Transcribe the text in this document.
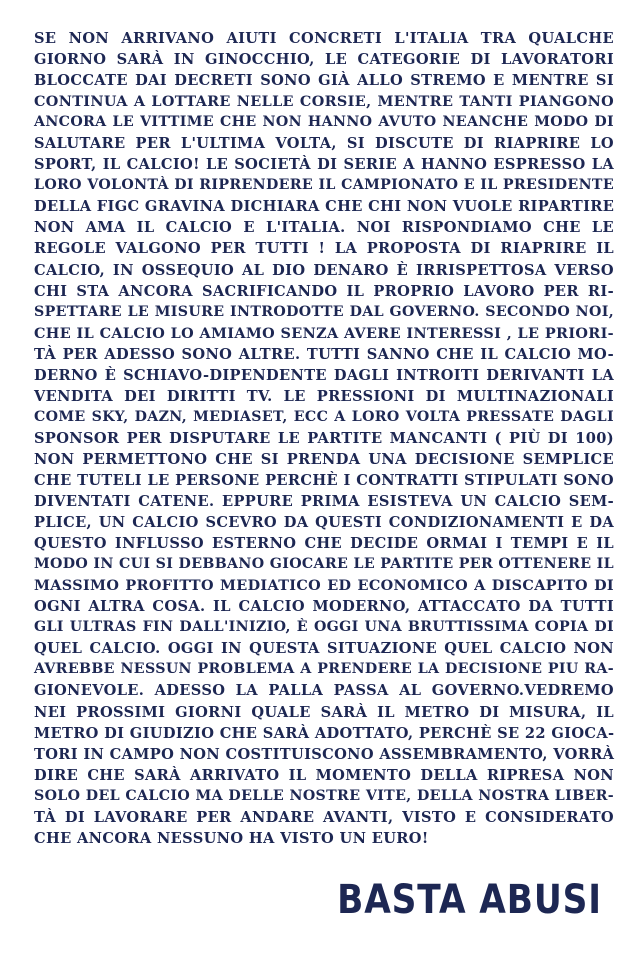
SE NON ARRIVANO AIUTI CONCRETI L'ITALIA TRA QUALCHE
GIORNO SARÀ IN GINOCCHIO, LE CATEGORIE DI LAVORATORI
BLOCCATE DAI DECRETI SONO GIÀ ALLO STREMO E MENTRE SI
CONTINUA A LOTTARE NELLE CORSIE, MENTRE TANTI PIANGONO
ANCORA LE VITTIME CHE NON HANNO AVUTO NEANCHE MODO DI
SALUTARE PER L'ULTIMA VOLTA, SI DISCUTE DI RIAPRIRE LO
SPORT, IL CALCIO! LE SOCIETÀ DI SERIE A HANNO ESPRESSO LA
LORO VOLONTÀ DI RIPRENDERE IL CAMPIONATO E IL PRESIDENTE
DELLA FIGC GRAVINA DICHIARA CHE CHI NON VUOLE RIPARTIRE
NON AMA IL CALCIO E L'ITALIA. NOI RISPONDIAMO CHE LE
REGOLE VALGONO PER TUTTI ! LA PROPOSTA DI RIAPRIRE IL
CALCIO, IN OSSEQUIO AL DIO DENARO È IRRISPETTOSA VERSO
CHI STA ANCORA SACRIFICANDO IL PROPRIO LAVORO PER RI-
SPETTARE LE MISURE INTRODOTTE DAL GOVERNO. SECONDO NOI,
CHE IL CALCIO LO AMIAMO SENZA AVERE INTERESSI , LE PRIORI-
TÀ PER ADESSO SONO ALTRE. TUTTI SANNO CHE IL CALCIO MO-
DERNO È SCHIAVO-DIPENDENTE DAGLI INTROITI DERIVANTI LA
VENDITA DEI DIRITTI TV. LE PRESSIONI DI MULTINAZIONALI
COME SKY, DAZN, MEDIASET, ECC A LORO VOLTA PRESSATE DAGLI
SPONSOR PER DISPUTARE LE PARTITE MANCANTI ( PIÙ DI 100)
NON PERMETTONO CHE SI PRENDA UNA DECISIONE SEMPLICE
CHE TUTELI LE PERSONE PERCHÈ I CONTRATTI STIPULATI SONO
DIVENTATI CATENE. EPPURE PRIMA ESISTEVA UN CALCIO SEM-
PLICE, UN CALCIO SCEVRO DA QUESTI CONDIZIONAMENTI E DA
QUESTO INFLUSSO ESTERNO CHE DECIDE ORMAI I TEMPI E IL
MODO IN CUI SI DEBBANO GIOCARE LE PARTITE PER OTTENERE IL
MASSIMO PROFITTO MEDIATICO ED ECONOMICO A DISCAPITO DI
OGNI ALTRA COSA. IL CALCIO MODERNO, ATTACCATO DA TUTTI
GLI ULTRAS FIN DALL'INIZIO, È OGGI UNA BRUTTISSIMA COPIA DI
QUEL CALCIO. OGGI IN QUESTA SITUAZIONE QUEL CALCIO NON
AVREBBE NESSUN PROBLEMA A PRENDERE LA DECISIONE PIU RA-
GIONEVOLE. ADESSO LA PALLA PASSA AL GOVERNO.VEDREMO
NEI PROSSIMI GIORNI QUALE SARÀ IL METRO DI MISURA, IL
METRO DI GIUDIZIO CHE SARÀ ADOTTATO, PERCHÈ SE 22 GIOCA-
TORI IN CAMPO NON COSTITUISCONO ASSEMBRAMENTO, VORRÀ
DIRE CHE SARÀ ARRIVATO IL MOMENTO DELLA RIPRESA NON
SOLO DEL CALCIO MA DELLE NOSTRE VITE, DELLA NOSTRA LIBER-
TÀ DI LAVORARE PER ANDARE AVANTI, VISTO E CONSIDERATO
CHE ANCORA NESSUNO HA VISTO UN EURO!
BASTA ABUSI
